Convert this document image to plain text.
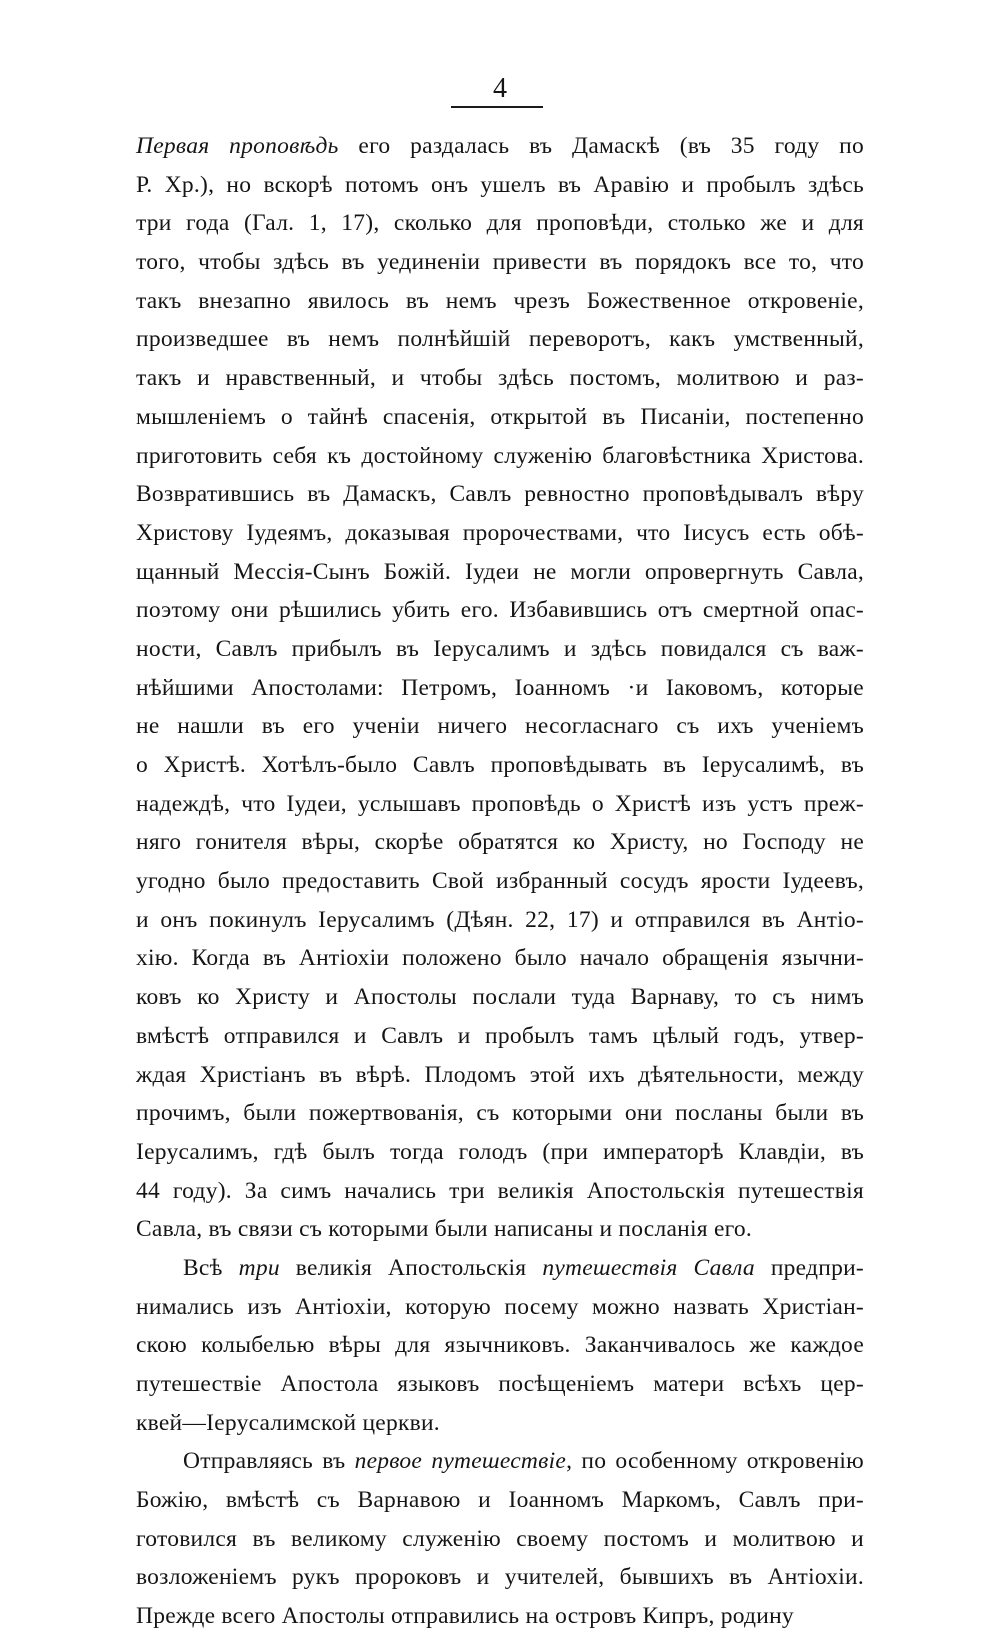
4
Первая проповѣдь его раздалась въ Дамаскѣ (въ 35 году по
Р. Хр.), но вскорѣ потомъ онъ ушелъ въ Аравію и пробылъ здѣсь
три года (Гал. 1, 17), сколько для проповѣди, столько же и для
того, чтобы здѣсь въ уединеніи привести въ порядокъ все то, что
такъ внезапно явилось въ немъ чрезъ Божественное откровеніе,
произведшее въ немъ полнѣйшій переворотъ, какъ умственный,
такъ и нравственный, и чтобы здѣсь постомъ, молитвою и раз-
мышленіемъ о тайнѣ спасенія, открытой въ Писаніи, постепенно
приготовить себя къ достойному служенію благовѣстника Христова.
Возвратившись въ Дамаскъ, Савлъ ревностно проповѣдывалъ вѣру
Христову Іудеямъ, доказывая пророчествами, что Іисусъ есть обѣ-
щанный Мессія-Сынъ Божій. Іудеи не могли опровергнуть Савла,
поэтому они рѣшились убить его. Избавившись отъ смертной опас-
ности, Савлъ прибылъ въ Іерусалимъ и здѣсь повидался съ важ-
нѣйшими Апостолами: Петромъ, Іоанномъ ·и Іаковомъ, которые
не нашли въ его ученіи ничего несогласнаго съ ихъ ученіемъ
о Христѣ. Хотѣлъ-было Савлъ проповѣдывать въ Іерусалимѣ, въ
надеждѣ, что Іудеи, услышавъ проповѣдь о Христѣ изъ устъ преж-
няго гонителя вѣры, скорѣе обратятся ко Христу, но Господу не
угодно было предоставить Свой избранный сосудъ ярости Іудеевъ,
и онъ покинулъ Іерусалимъ (Дѣян. 22, 17) и отправился въ Антіо-
хію. Когда въ Антіохіи положено было начало обращенія язычни-
ковъ ко Христу и Апостолы послали туда Варнаву, то съ нимъ
вмѣстѣ отправился и Савлъ и пробылъ тамъ цѣлый годъ, утвер-
ждая Христіанъ въ вѣрѣ. Плодомъ этой ихъ дѣятельности, между
прочимъ, были пожертвованія, съ которыми они посланы были въ
Іерусалимъ, гдѣ былъ тогда голодъ (при императорѣ Клавдіи, въ
44 году). За симъ начались три великія Апостольскія путешествія
Савла, въ связи съ которыми были написаны и посланія его.
Всѣ три великія Апостольскія путешествія Савла предпри-
нимались изъ Антіохіи, которую посему можно назвать Христіан-
скою колыбелью вѣры для язычниковъ. Заканчивалось же каждое
путешествіе Апостола языковъ посѣщеніемъ матери всѣхъ цер-
квей—Іерусалимской церкви.
Отправляясь въ первое путешествіе, по особенному откровенію
Божію, вмѣстѣ съ Варнавою и Іоанномъ Маркомъ, Савлъ при-
готовился въ великому служенію своему постомъ и молитвою и
возложеніемъ рукъ пророковъ и учителей, бывшихъ въ Антіохіи.
Прежде всего Апостолы отправились на островъ Кипръ, родину
